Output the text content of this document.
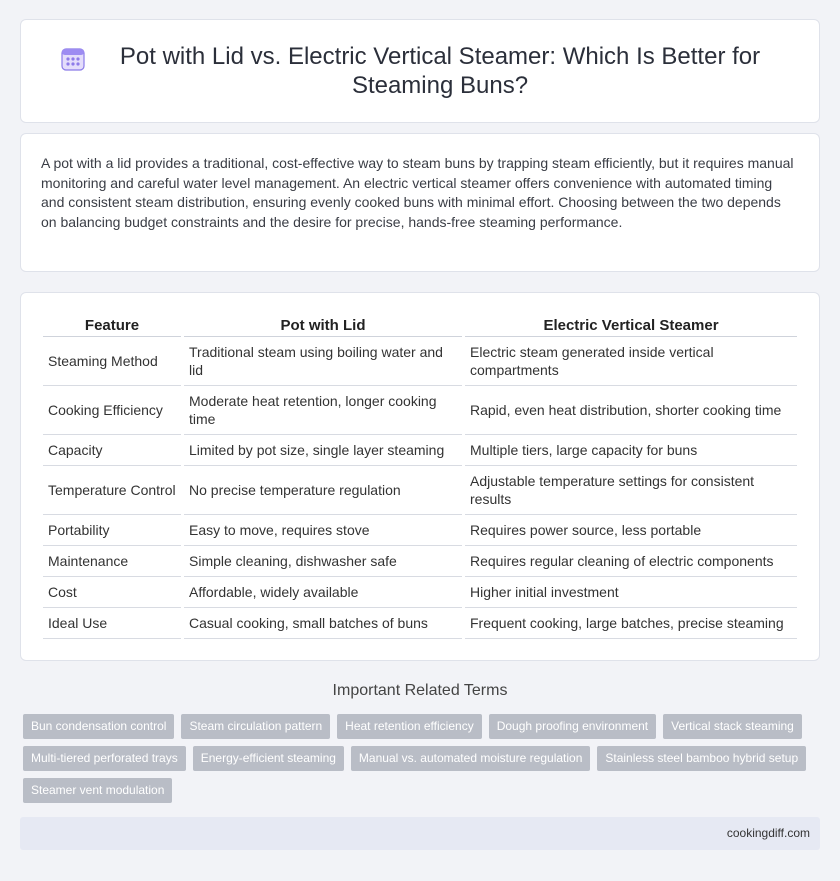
Pot with Lid vs. Electric Vertical Steamer: Which Is Better for Steaming Buns?

A pot with a lid provides a traditional, cost-effective way to steam buns by trapping steam efficiently, but it requires manual monitoring and careful water level management. An electric vertical steamer offers convenience with automated timing and consistent steam distribution, ensuring evenly cooked buns with minimal effort. Choosing between the two depends on balancing budget constraints and the desire for precise, hands-free steaming performance.

Feature	Pot with Lid	Electric Vertical Steamer
Steaming Method	Traditional steam using boiling water and lid	Electric steam generated inside vertical compartments
Cooking Efficiency	Moderate heat retention, longer cooking time	Rapid, even heat distribution, shorter cooking time
Capacity	Limited by pot size, single layer steaming	Multiple tiers, large capacity for buns
Temperature Control	No precise temperature regulation	Adjustable temperature settings for consistent results
Portability	Easy to move, requires stove	Requires power source, less portable
Maintenance	Simple cleaning, dishwasher safe	Requires regular cleaning of electric components
Cost	Affordable, widely available	Higher initial investment
Ideal Use	Casual cooking, small batches of buns	Frequent cooking, large batches, precise steaming
Important Related Terms
Bun condensation control	Steam circulation pattern	Heat retention efficiency	Dough proofing environment	Vertical stack steaming
Multi-tiered perforated trays	Energy-efficient steaming	Manual vs. automated moisture regulation	Stainless steel bamboo hybrid setup
Steamer vent modulation
cookingdiff.com
